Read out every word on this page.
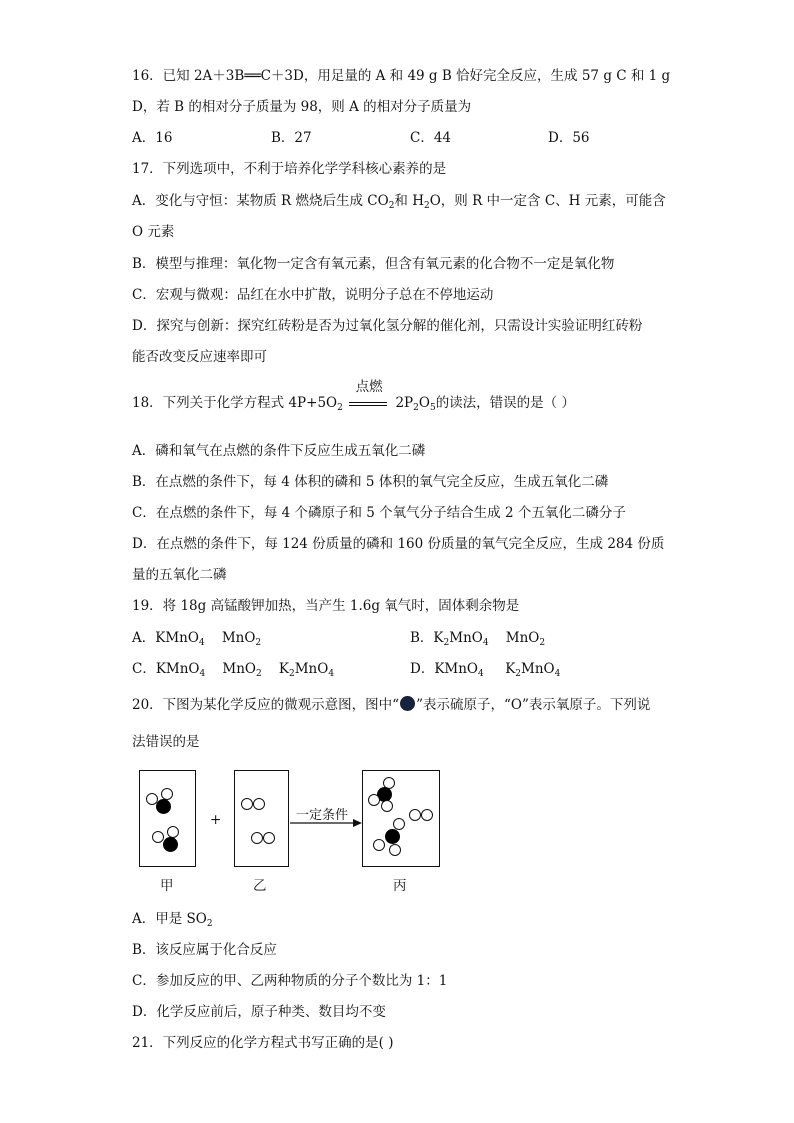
16．已知 2A＋3B══C＋3D，用足量的 A 和 49 g B 恰好完全反应，生成 57 g C 和 1 g
D，若 B 的相对分子质量为 98，则 A 的相对分子质量为
A．16	B．27	C．44	D．56
17．下列选项中，不利于培养化学学科核心素养的是
A．变化与守恒：某物质 R 燃烧后生成 $CO_2$和 $H_2O$，则 R 中一定含 C、H 元素，可能含
O 元素
B．模型与推理：氧化物一定含有氧元素，但含有氧元素的化合物不一定是氧化物
C．宏观与微观：品红在水中扩散，说明分子总在不停地运动
D．探究与创新：探究红砖粉是否为过氧化氢分解的催化剂，只需设计实验证明红砖粉
能否改变反应速率即可
18．下列关于化学方程式 $4P+5O_2$
点燃
$2P_2O_5$的读法，错误的是（ ）
A．磷和氧气在点燃的条件下反应生成五氧化二磷
B．在点燃的条件下，每 4 体积的磷和 5 体积的氧气完全反应，生成五氧化二磷
C．在点燃的条件下，每 4 个磷原子和 5 个氧气分子结合生成 2 个五氧化二磷分子
D．在点燃的条件下，每 124 份质量的磷和 160 份质量的氧气完全反应，生成 284 份质
量的五氧化二磷
19．将 18g 高锰酸钾加热，当产生 1.6g 氧气时，固体剩余物是
A．KMnO$_4$    MnO$_2$	B．$K_2MnO_4$    MnO$_2$
C．KMnO$_4$    MnO$_2$    $K_2MnO_4$	D．KMnO$_4$     $K_2MnO_4$
20．下图为某化学反应的微观示意图，图中“ ”表示硫原子，“O”表示氧原子。下列说
法错误的是
+	一定条件
甲	乙	丙
A．甲是 $SO_2$
B．该反应属于化合反应
C．参加反应的甲、乙两种物质的分子个数比为 1：1
D．化学反应前后，原子种类、数目均不变
21．下列反应的化学方程式书写正确的是( )
